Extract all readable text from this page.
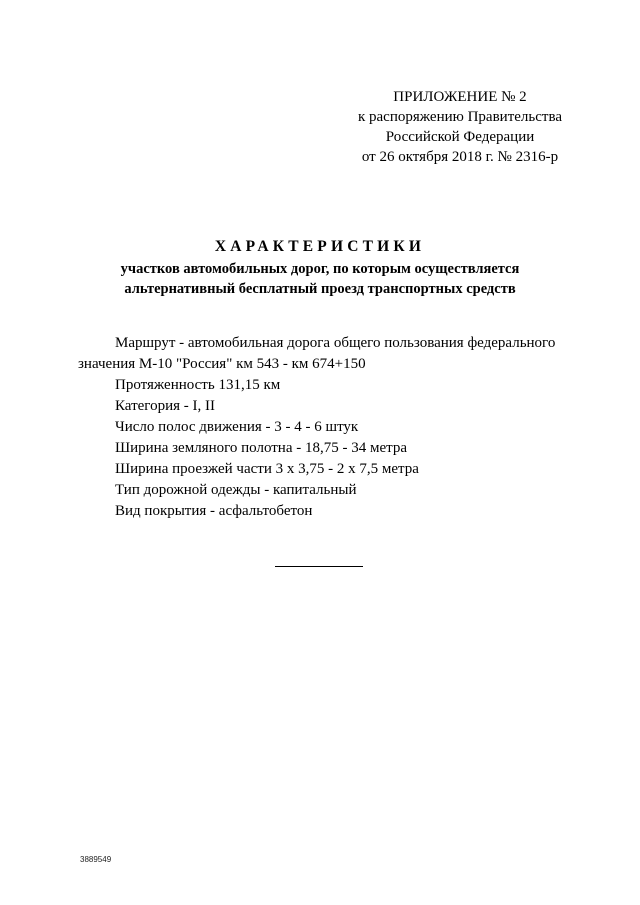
ПРИЛОЖЕНИЕ № 2
к распоряжению Правительства
Российской Федерации
от 26 октября 2018 г. № 2316-р
ХАРАКТЕРИСТИКИ
участков автомобильных дорог, по которым осуществляется
альтернативный бесплатный проезд транспортных средств
Маршрут - автомобильная дорога общего пользования федерального
значения М-10 "Россия" км 543 - км 674+150
Протяженность 131,15 км
Категория - I, II
Число полос движения - 3 - 4 - 6 штук
Ширина земляного полотна - 18,75 - 34 метра
Ширина проезжей части 3 х 3,75 - 2 х 7,5 метра
Тип дорожной одежды - капитальный
Вид покрытия - асфальтобетон
3889549
